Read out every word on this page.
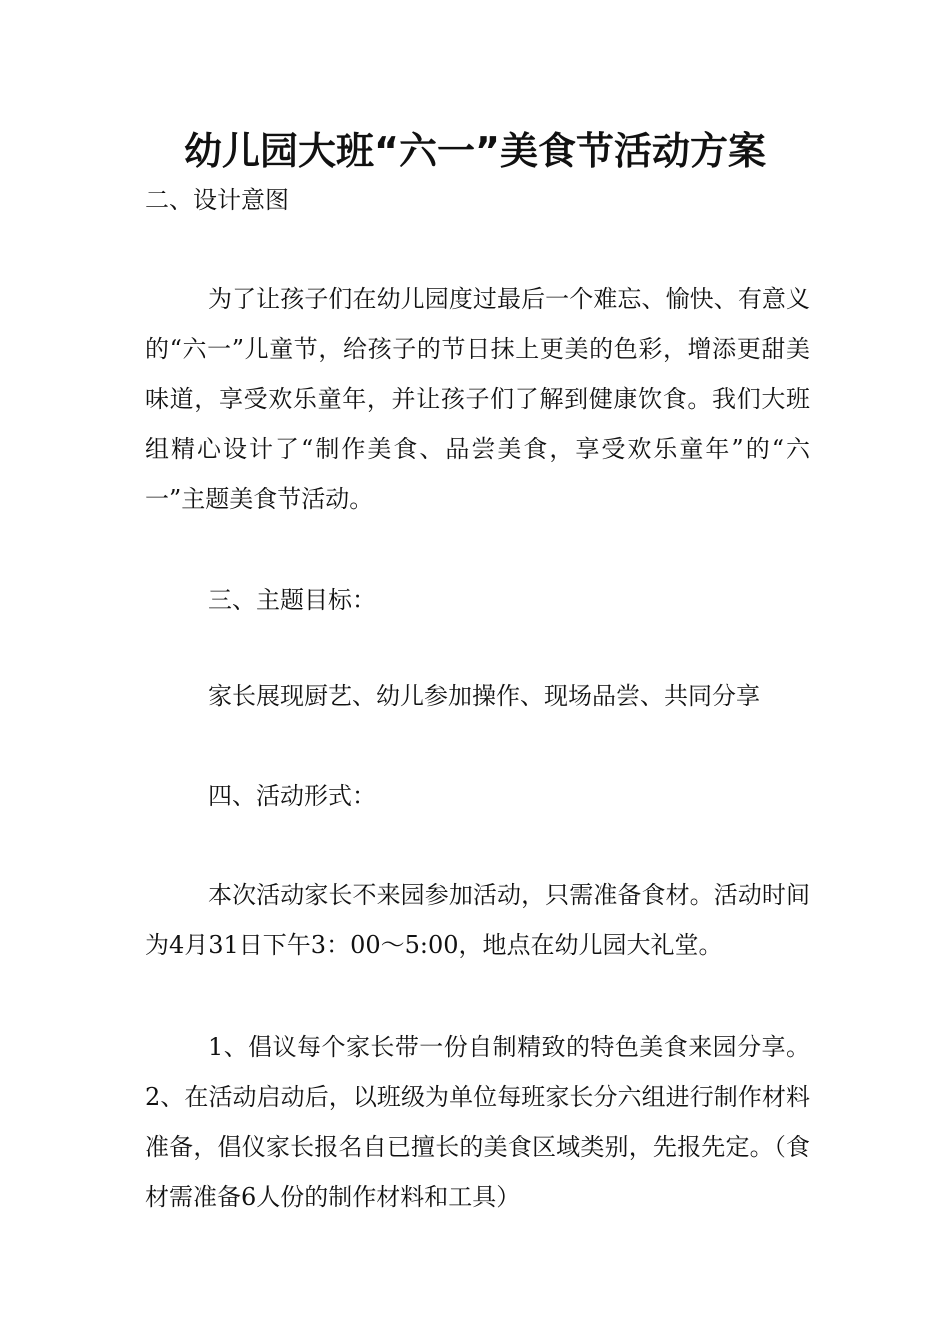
幼儿园大班“六一”美食节活动方案

二、设计意图

为了让孩子们在幼儿园度过最后一个难忘、愉快、有意义的“六一”儿童节，给孩子的节日抹上更美的色彩，增添更甜美味道，享受欢乐童年，并让孩子们了解到健康饮食。我们大班组精心设计了“制作美食、品尝美食，享受欢乐童年”的“六一”主题美食节活动。

三、主题目标：

家长展现厨艺、幼儿参加操作、现场品尝、共同分享

四、活动形式：

本次活动家长不来园参加活动，只需准备食材。活动时间为4月31日下午3：00～5:00，地点在幼儿园大礼堂。

1、倡议每个家长带一份自制精致的特色美食来园分享。2、在活动启动后，以班级为单位每班家长分六组进行制作材料准备，倡仪家长报名自已擅长的美食区域类别，先报先定。（食材需准备6人份的制作材料和工具）
